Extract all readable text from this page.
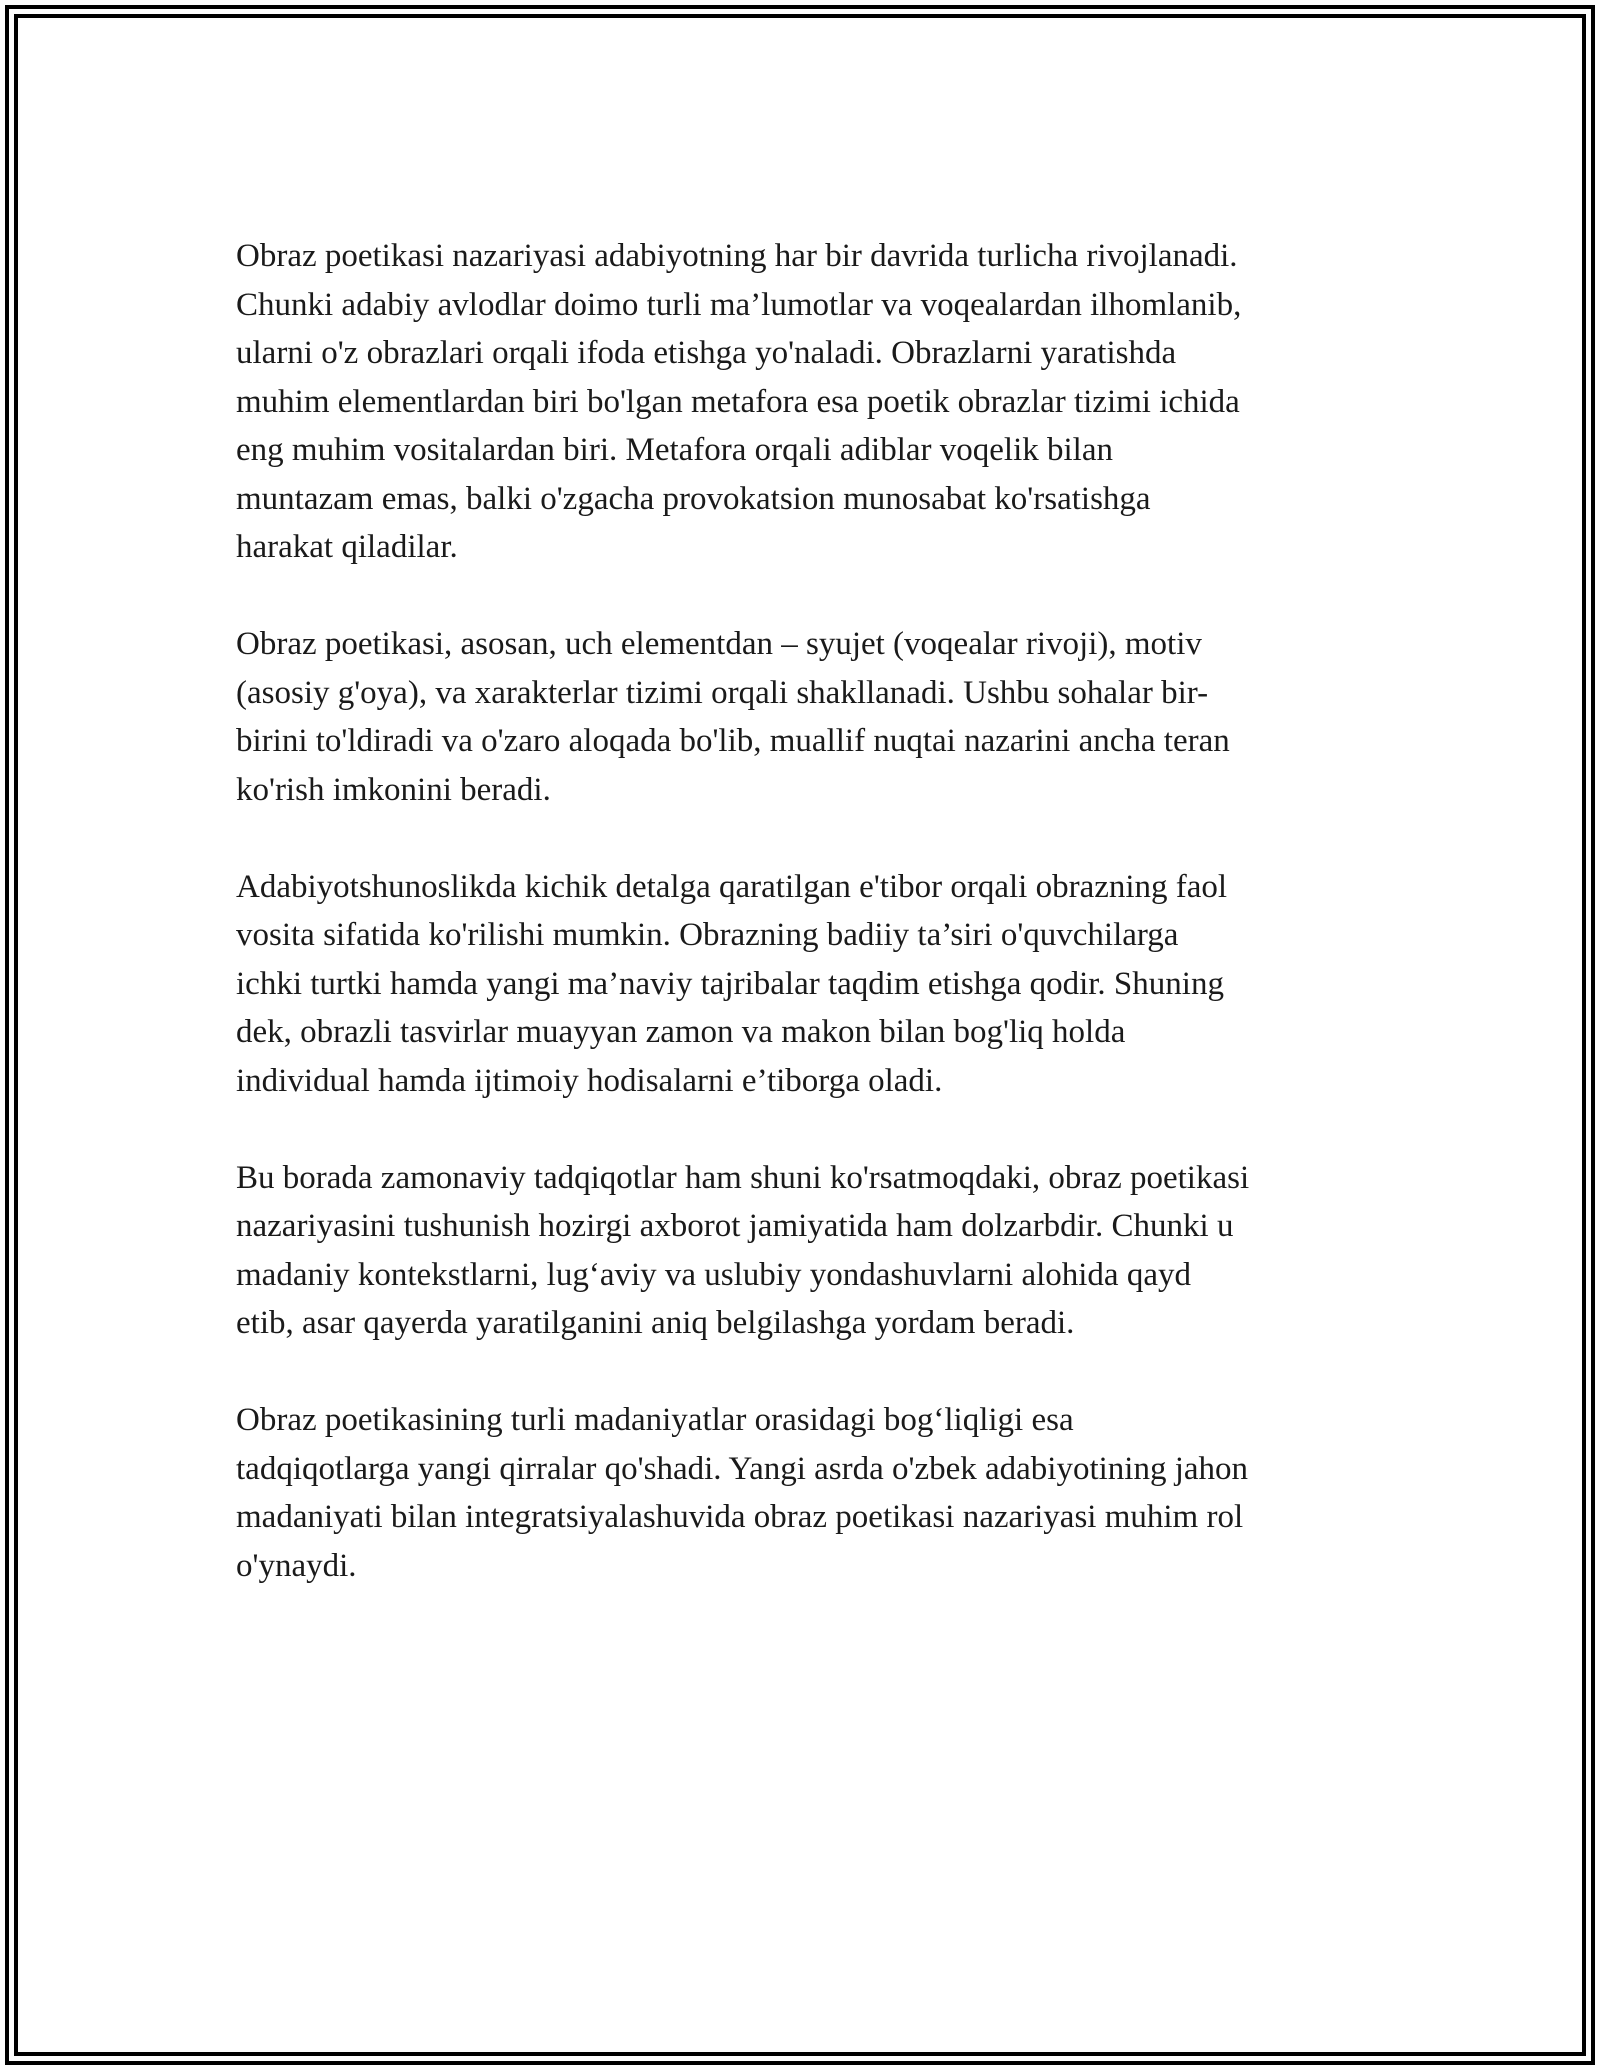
Obraz poetikasi nazariyasi adabiyotning har bir davrida turlicha rivojlanadi.
Chunki adabiy avlodlar doimo turli ma’lumotlar va voqealardan ilhomlanib,
ularni o'z obrazlari orqali ifoda etishga yo'naladi. Obrazlarni yaratishda
muhim elementlardan biri bo'lgan metafora esa poetik obrazlar tizimi ichida
eng muhim vositalardan biri. Metafora orqali adiblar voqelik bilan
muntazam emas, balki o'zgacha provokatsion munosabat ko'rsatishga
harakat qiladilar.

Obraz poetikasi, asosan, uch elementdan – syujet (voqealar rivoji), motiv
(asosiy g'oya), va xarakterlar tizimi orqali shakllanadi. Ushbu sohalar bir-
birini to'ldiradi va o'zaro aloqada bo'lib, muallif nuqtai nazarini ancha teran
ko'rish imkonini beradi.

Adabiyotshunoslikda kichik detalga qaratilgan e'tibor orqali obrazning faol
vosita sifatida ko'rilishi mumkin. Obrazning badiiy ta’siri o'quvchilarga
ichki turtki hamda yangi ma’naviy tajribalar taqdim etishga qodir. Shuning
dek, obrazli tasvirlar muayyan zamon va makon bilan bog'liq holda
individual hamda ijtimoiy hodisalarni e’tiborga oladi.

Bu borada zamonaviy tadqiqotlar ham shuni ko'rsatmoqdaki, obraz poetikasi
nazariyasini tushunish hozirgi axborot jamiyatida ham dolzarbdir. Chunki u
madaniy kontekstlarni, lug‘aviy va uslubiy yondashuvlarni alohida qayd
etib, asar qayerda yaratilganini aniq belgilashga yordam beradi.

Obraz poetikasining turli madaniyatlar orasidagi bog‘liqligi esa
tadqiqotlarga yangi qirralar qo'shadi. Yangi asrda o'zbek adabiyotining jahon
madaniyati bilan integratsiyalashuvida obraz poetikasi nazariyasi muhim rol
o'ynaydi.
